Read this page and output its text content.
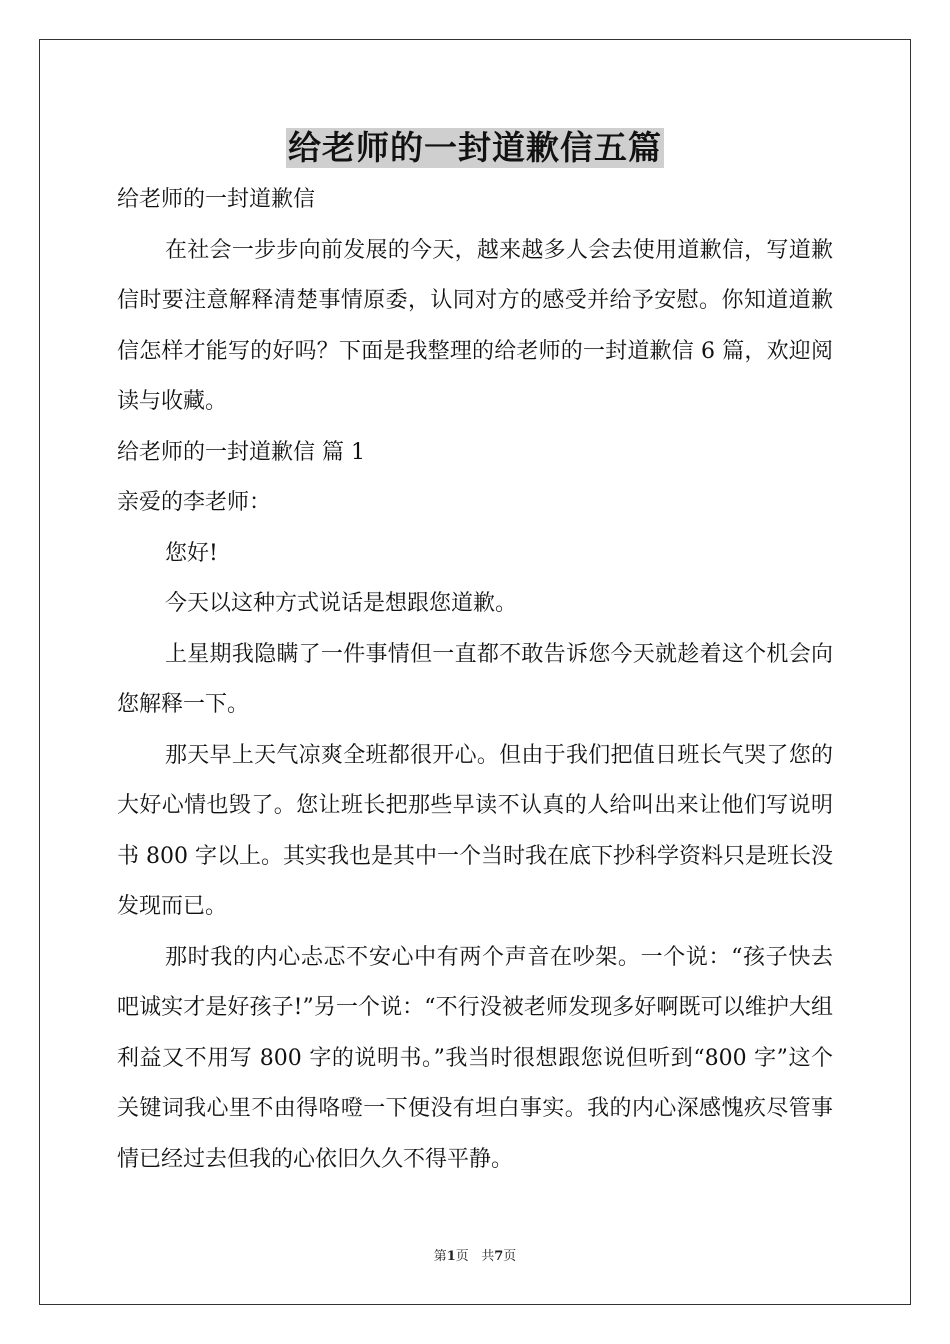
给老师的一封道歉信五篇

给老师的一封道歉信

在社会一步步向前发展的今天，越来越多人会去使用道歉信，写道歉信时要注意解释清楚事情原委，认同对方的感受并给予安慰。你知道道歉信怎样才能写的好吗？下面是我整理的给老师的一封道歉信 6 篇，欢迎阅读与收藏。

给老师的一封道歉信 篇 1

亲爱的李老师：

您好!

今天以这种方式说话是想跟您道歉。

上星期我隐瞒了一件事情但一直都不敢告诉您今天就趁着这个机会向您解释一下。

那天早上天气凉爽全班都很开心。但由于我们把值日班长气哭了您的大好心情也毁了。您让班长把那些早读不认真的人给叫出来让他们写说明书 800 字以上。其实我也是其中一个当时我在底下抄科学资料只是班长没发现而已。

那时我的内心忐忑不安心中有两个声音在吵架。一个说：“孩子快去吧诚实才是好孩子!”另一个说：“不行没被老师发现多好啊既可以维护大组利益又不用写 800 字的说明书。”我当时很想跟您说但听到“800 字”这个关键词我心里不由得咯噔一下便没有坦白事实。我的内心深感愧疚尽管事情已经过去但我的心依旧久久不得平静。

第1页 共7页
